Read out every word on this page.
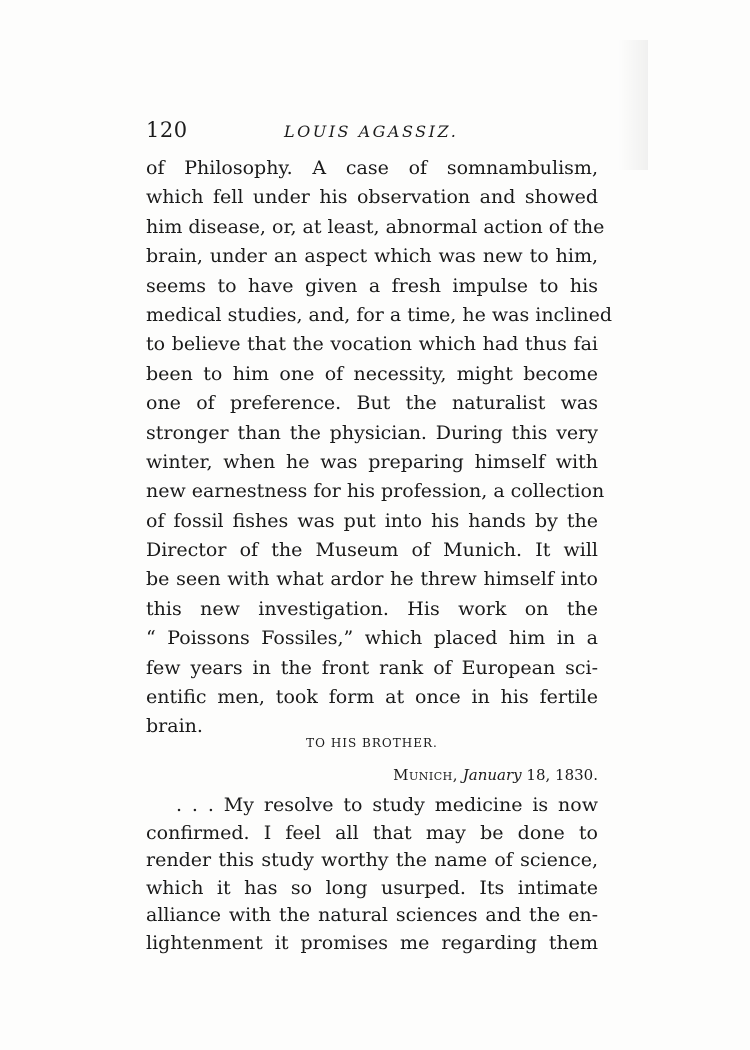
120	LOUIS AGASSIZ.
of Philosophy. A case of somnambulism,
which fell under his observation and showed
him disease, or, at least, abnormal action of the
brain, under an aspect which was new to him,
seems to have given a fresh impulse to his
medical studies, and, for a time, he was inclined
to believe that the vocation which had thus fai
been to him one of necessity, might become
one of preference. But the naturalist was
stronger than the physician. During this very
winter, when he was preparing himself with
new earnestness for his profession, a collection
of fossil fishes was put into his hands by the
Director of the Museum of Munich. It will
be seen with what ardor he threw himself into
this new investigation. His work on the
“ Poissons Fossiles,” which placed him in a
few years in the front rank of European sci-
entific men, took form at once in his fertile
brain.
TO HIS BROTHER.
Munich, January 18, 1830.
. . . My resolve to study medicine is now
confirmed. I feel all that may be done to
render this study worthy the name of science,
which it has so long usurped. Its intimate
alliance with the natural sciences and the en-
lightenment it promises me regarding them
